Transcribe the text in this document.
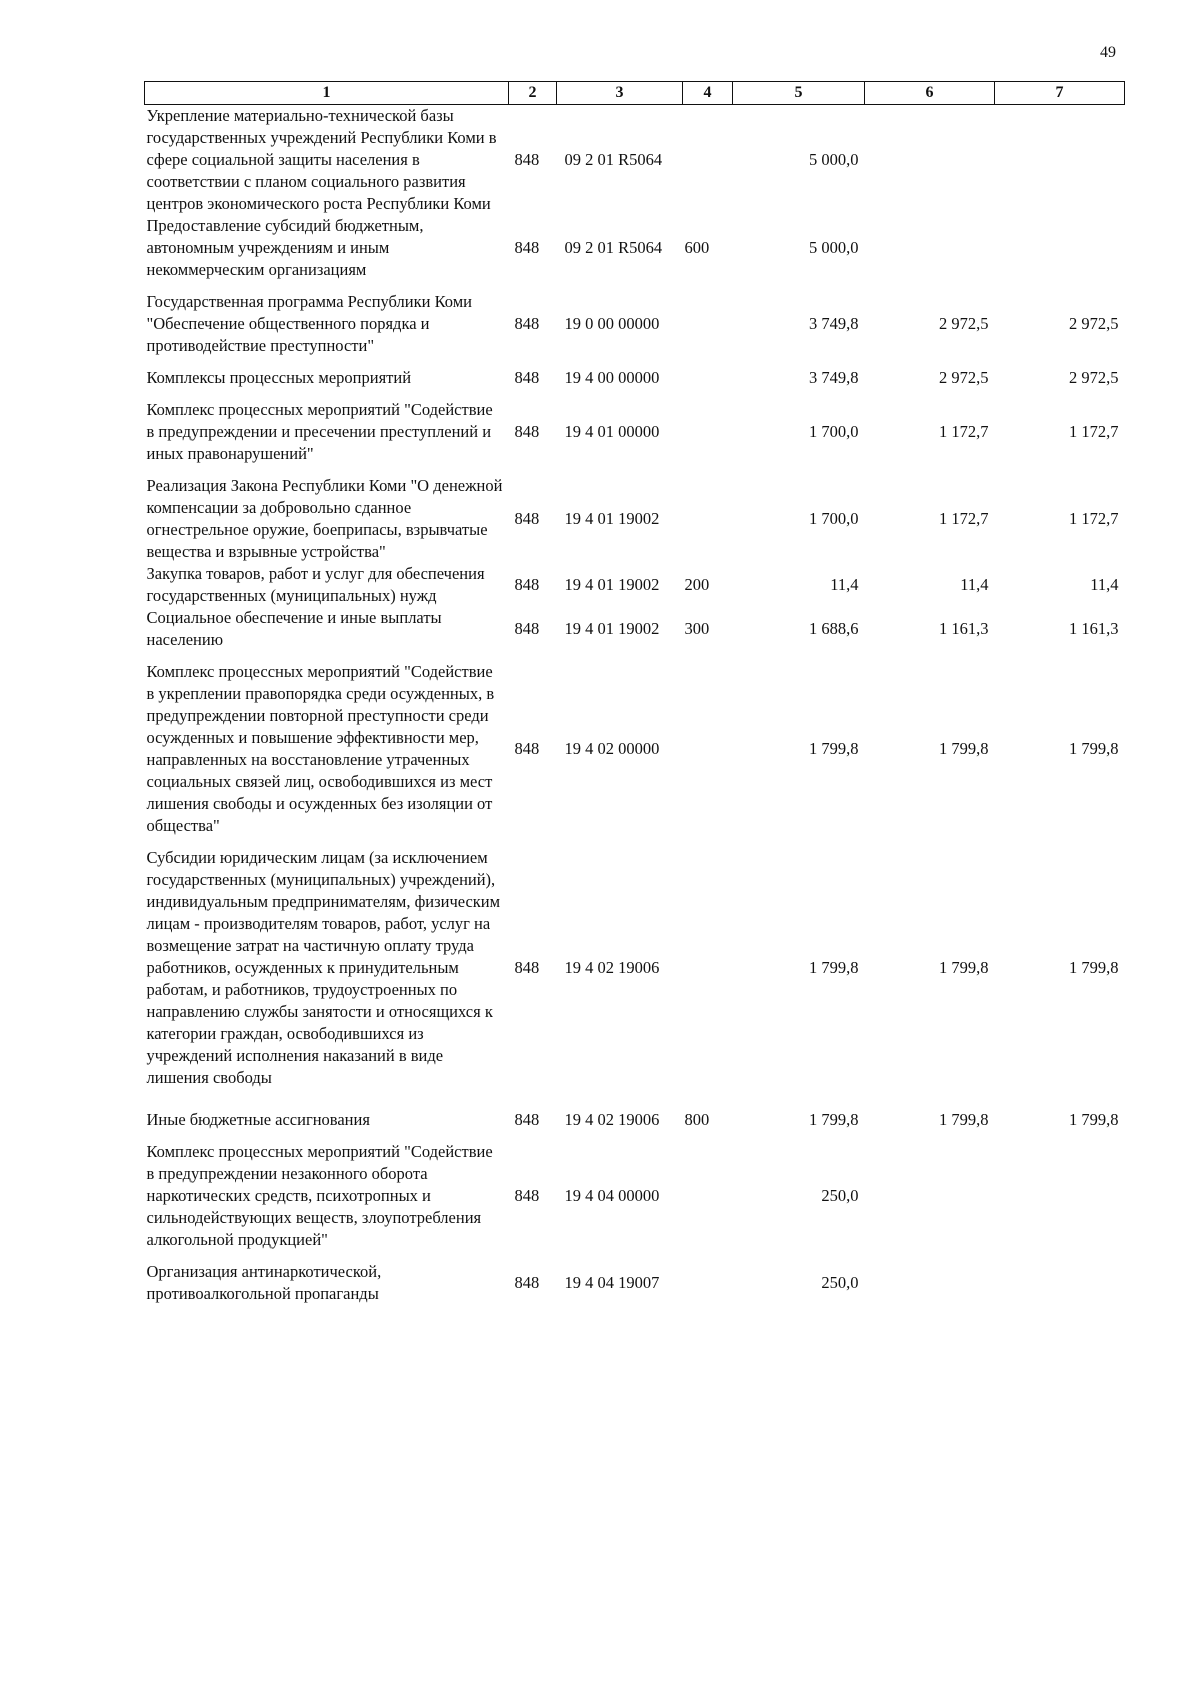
49
1	2	3	4	5	6	7
Укрепление материально-технической базы государственных учреждений Республики Коми в сфере социальной защиты населения в соответствии с планом социального развития центров экономического роста Республики Коми	848	09 2 01 R5064		5 000,0		
Предоставление субсидий бюджетным, автономным учреждениям и иным некоммерческим организациям	848	09 2 01 R5064	600	5 000,0		
Государственная программа Республики Коми "Обеспечение общественного порядка и противодействие преступности"	848	19 0 00 00000		3 749,8	2 972,5	2 972,5
Комплексы процессных мероприятий	848	19 4 00 00000		3 749,8	2 972,5	2 972,5
Комплекс процессных мероприятий "Содействие в предупреждении и пресечении преступлений и иных правонарушений"	848	19 4 01 00000		1 700,0	1 172,7	1 172,7
Реализация Закона Республики Коми "О денежной компенсации за добровольно сданное огнестрельное оружие, боеприпасы, взрывчатые вещества и взрывные устройства"	848	19 4 01 19002		1 700,0	1 172,7	1 172,7
Закупка товаров, работ и услуг для обеспечения государственных (муниципальных) нужд	848	19 4 01 19002	200	11,4	11,4	11,4
Социальное обеспечение и иные выплаты населению	848	19 4 01 19002	300	1 688,6	1 161,3	1 161,3
Комплекс процессных мероприятий "Содействие в укреплении правопорядка среди осужденных, в предупреждении повторной преступности среди осужденных и повышение эффективности мер, направленных на восстановление утраченных социальных связей лиц, освободившихся из мест лишения свободы и осужденных без изоляции от общества"	848	19 4 02 00000		1 799,8	1 799,8	1 799,8
Субсидии юридическим лицам (за исключением государственных (муниципальных) учреждений), индивидуальным предпринимателям, физическим лицам - производителям товаров, работ, услуг на возмещение затрат на частичную оплату труда работников, осужденных к принудительным работам, и работников, трудоустроенных по направлению службы занятости и относящихся к категории граждан, освободившихся из учреждений исполнения наказаний в виде лишения свободы	848	19 4 02 19006		1 799,8	1 799,8	1 799,8
Иные бюджетные ассигнования	848	19 4 02 19006	800	1 799,8	1 799,8	1 799,8
Комплекс процессных мероприятий "Содействие в предупреждении незаконного оборота наркотических средств, психотропных и сильнодействующих веществ, злоупотребления алкогольной продукцией"	848	19 4 04 00000		250,0		
Организация антинаркотической, противоалкогольной пропаганды	848	19 4 04 19007		250,0		
